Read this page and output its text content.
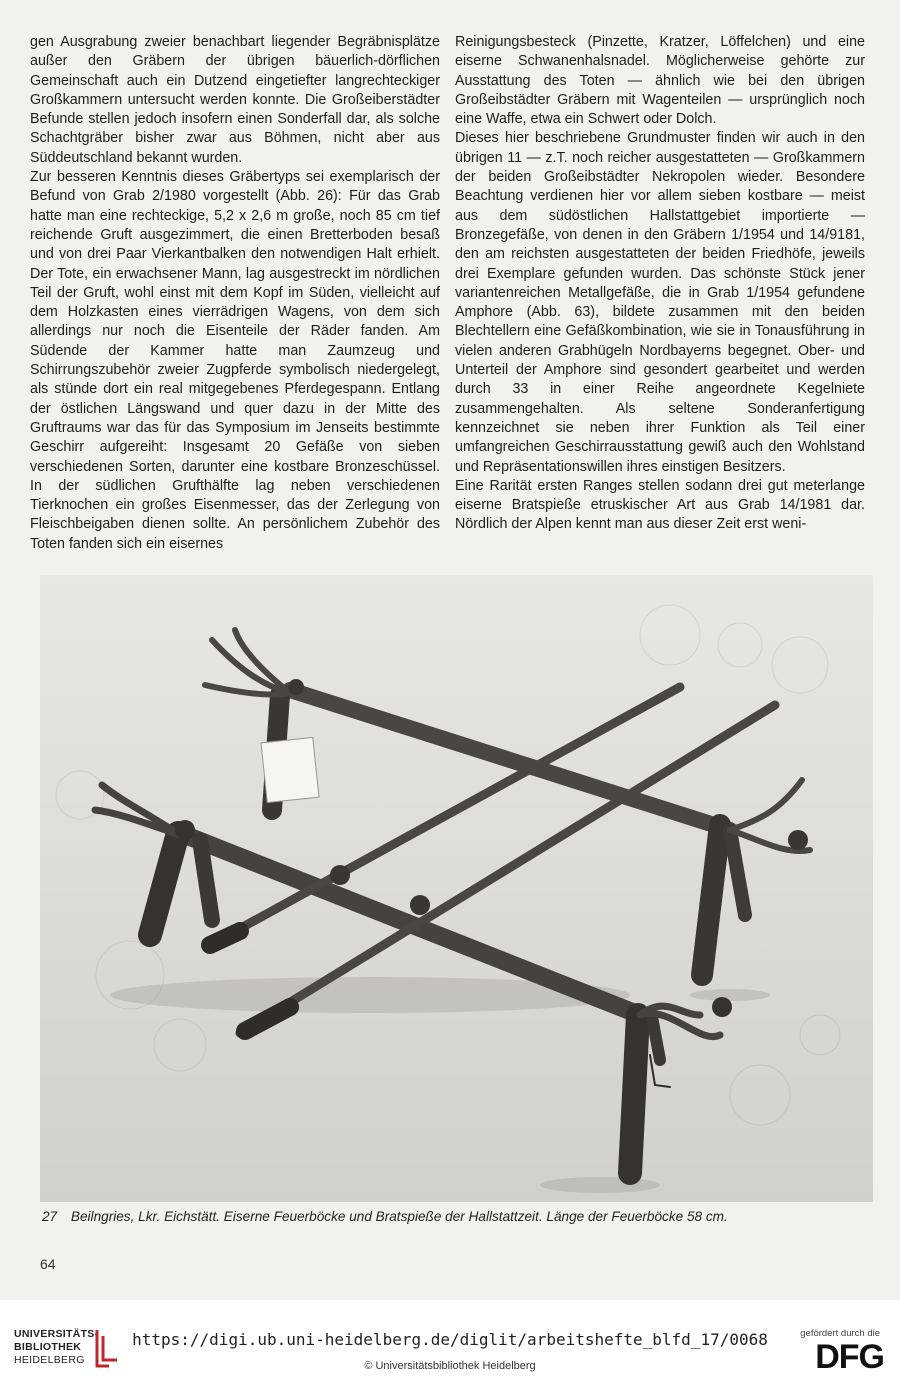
gen Ausgrabung zweier benachbart liegender Begräbnisplätze außer den Gräbern der übrigen bäuerlich-dörflichen Gemeinschaft auch ein Dutzend eingetiefter langrechteckiger Großkammern untersucht werden konnte. Die Großeiberstädter Befunde stellen jedoch insofern einen Sonderfall dar, als solche Schachtgräber bisher zwar aus Böhmen, nicht aber aus Süddeutschland bekannt wurden.

Zur besseren Kenntnis dieses Gräbertyps sei exemplarisch der Befund von Grab 2/1980 vorgestellt (Abb. 26): Für das Grab hatte man eine rechteckige, 5,2 x 2,6 m große, noch 85 cm tief reichende Gruft ausgezimmert, die einen Bretterboden besaß und von drei Paar Vierkantbalken den notwendigen Halt erhielt. Der Tote, ein erwachsener Mann, lag ausgestreckt im nördlichen Teil der Gruft, wohl einst mit dem Kopf im Süden, vielleicht auf dem Holzkasten eines vierrädrigen Wagens, von dem sich allerdings nur noch die Eisenteile der Räder fanden. Am Südende der Kammer hatte man Zaumzeug und Schirrungszubehör zweier Zugpferde symbolisch niedergelegt, als stünde dort ein real mitgegebenes Pferdegespann. Entlang der östlichen Längswand und quer dazu in der Mitte des Gruftraums war das für das Symposium im Jenseits bestimmte Geschirr aufgereiht: Insgesamt 20 Gefäße von sieben verschiedenen Sorten, darunter eine kostbare Bronzeschüssel. In der südlichen Grufthälfte lag neben verschiedenen Tierknochen ein großes Eisenmesser, das der Zerlegung von Fleischbeigaben dienen sollte. An persönlichem Zubehör des Toten fanden sich ein eisernes

Reinigungsbesteck (Pinzette, Kratzer, Löffelchen) und eine eiserne Schwanenhalsnadel. Möglicherweise gehörte zur Ausstattung des Toten — ähnlich wie bei den übrigen Großeibstädter Gräbern mit Wagenteilen — ursprünglich noch eine Waffe, etwa ein Schwert oder Dolch.

Dieses hier beschriebene Grundmuster finden wir auch in den übrigen 11 — z.T. noch reicher ausgestatteten — Großkammern der beiden Großeibstädter Nekropolen wieder. Besondere Beachtung verdienen hier vor allem sieben kostbare — meist aus dem südöstlichen Hallstattgebiet importierte — Bronzegefäße, von denen in den Gräbern 1/1954 und 14/9181, den am reichsten ausgestatteten der beiden Friedhöfe, jeweils drei Exemplare gefunden wurden. Das schönste Stück jener variantenreichen Metallgefäße, die in Grab 1/1954 gefundene Amphore (Abb. 63), bildete zusammen mit den beiden Blechtellern eine Gefäßkombination, wie sie in Tonausführung in vielen anderen Grabhügeln Nordbayerns begegnet. Ober- und Unterteil der Amphore sind gesondert gearbeitet und werden durch 33 in einer Reihe angeordnete Kegelniete zusammengehalten. Als seltene Sonderanfertigung kennzeichnet sie neben ihrer Funktion als Teil einer umfangreichen Geschirrausstattung gewiß auch den Wohlstand und Repräsentationswillen ihres einstigen Besitzers.

Eine Rarität ersten Ranges stellen sodann drei gut meterlange eiserne Bratspieße etruskischer Art aus Grab 14/1981 dar. Nördlich der Alpen kennt man aus dieser Zeit erst weni-

27 Beilngries, Lkr. Eichstätt. Eiserne Feuerböcke und Bratspieße der Hallstattzeit. Länge der Feuerböcke 58 cm.
64
UNIVERSITÄTS-
BIBLIOTHEK
HEIDELBERG
https://digi.ub.uni-heidelberg.de/diglit/arbeitshefte_blfd_17/0068
© Universitätsbibliothek Heidelberg
gefördert durch die
DFG
